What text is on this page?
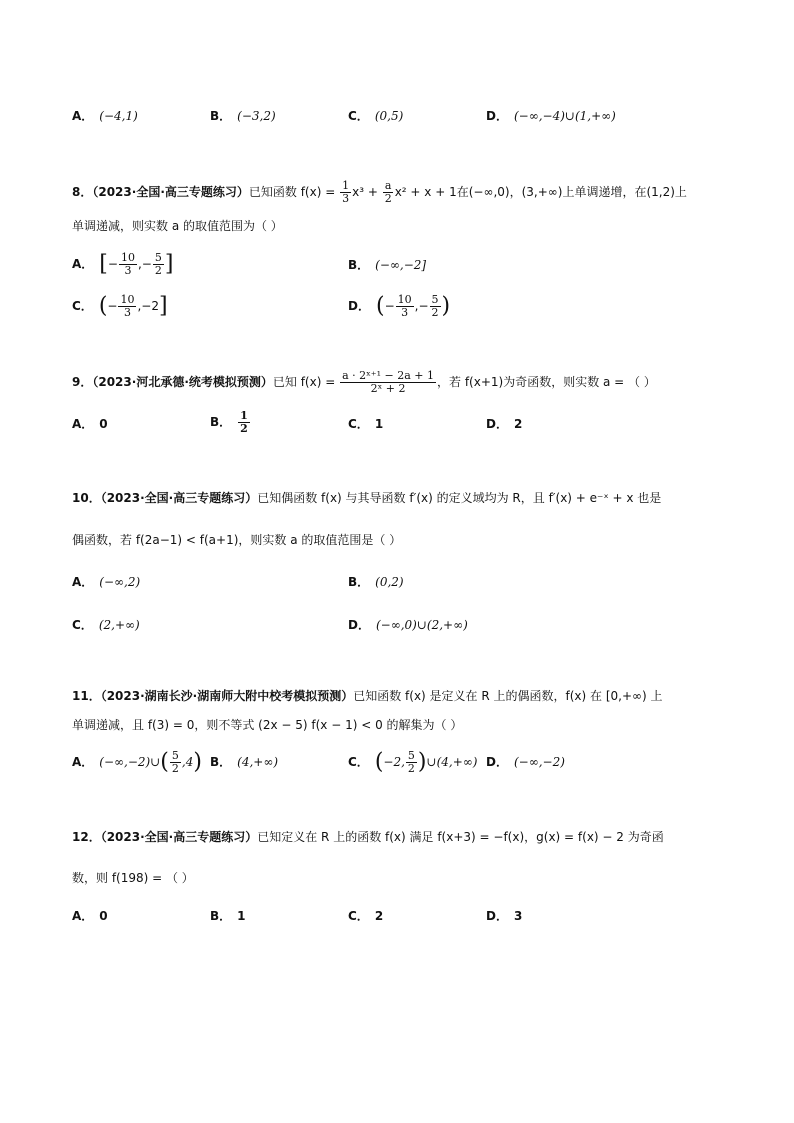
A． (−4,1)	B． (−3,2)	C． (0,5)	D． (−∞,−4)∪(1,+∞)
8．（2023·全国·高三专题练习）已知函数 $f(x) = \frac{1}{3} x^3 + \frac{a}{2} x^2 + x + 1$在(−∞,0)，(3,+∞)上单调递增，在(1,2)上
单调递减，则实数 a 的取值范围为（ ）
A． [− $\frac{10}{3}$ ,− $\frac{5}{2}$ ]	B． (−∞,−2]
C． (− $\frac{10}{3} ,-2$]	D． (− $\frac{10}{3}$ ,− $\frac{5}{2}$ )
9．（2023·河北承德·统考模拟预测）已知 $f(x) = \frac{\text{a · 2ˣ⁺¹ − 2a + 1}}{\text{2ˣ + 2}}$ ，若 f(x+1)为奇函数，则实数 a = （ ）
A． 0	B． $\frac{1}{2}$	C． 1	D． 2
10．（2023·全国·高三专题练习）已知偶函数 f(x) 与其导函数 f′(x) 的定义域均为 R，且 f′(x) + e⁻ˣ + x 也是
偶函数，若 f(2a−1) < f(a+1)，则实数 a 的取值范围是（ ）
A． (−∞,2)	B． (0,2)
C． (2,+∞)	D． (−∞,0)∪(2,+∞)
11．（2023·湖南长沙·湖南师大附中校考模拟预测）已知函数 f(x) 是定义在 R 上的偶函数，f(x) 在 [0,+∞) 上
单调递减，且 f(3) = 0，则不等式 (2x − 5) f(x − 1) < 0 的解集为（ ）
A． (−∞,−2)∪( $\frac{5}{2} ,4$) B． (4,+∞)	C． (−2, $\frac{5}{2}$ )∪(4,+∞) D． (−∞,−2)
12．（2023·全国·高三专题练习）已知定义在 R 上的函数 f(x) 满足 f(x+3) = −f(x)，g(x) = f(x) − 2 为奇函
数，则 f(198) = （ ）
A． 0	B． 1	C． 2	D． 3
